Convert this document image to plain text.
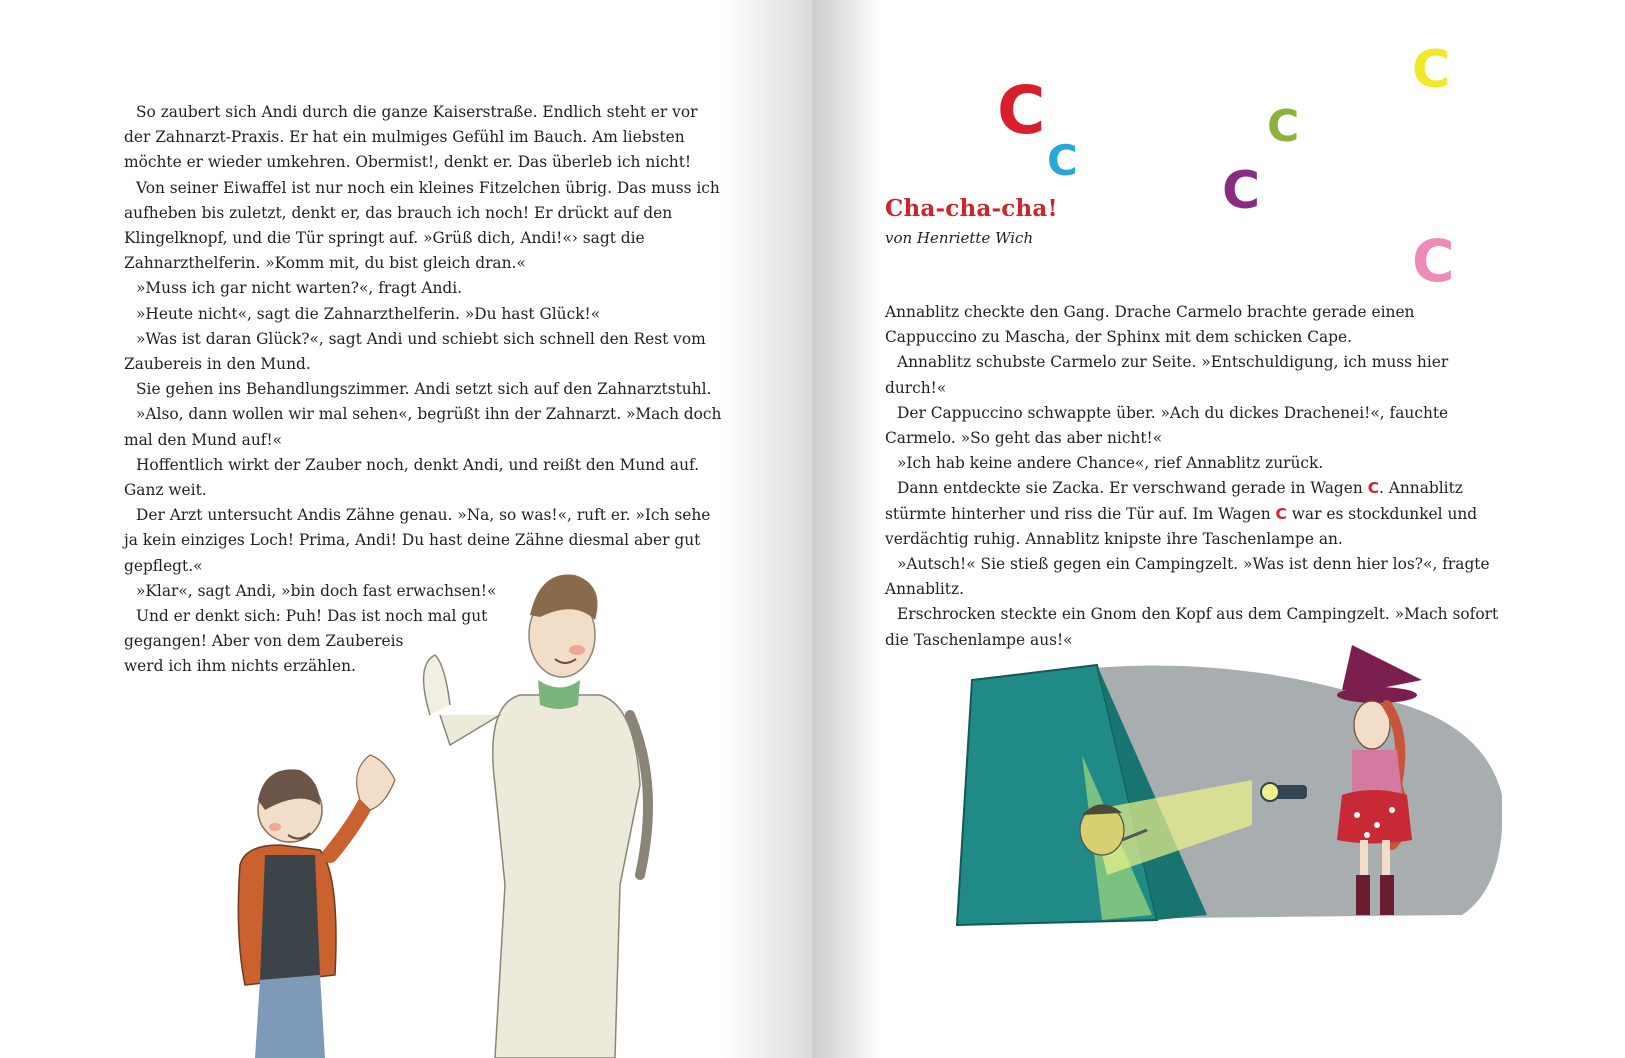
So zaubert sich Andi durch die ganze Kaiserstraße. Endlich steht er vor der Zahnarzt-Praxis. Er hat ein mulmiges Gefühl im Bauch. Am liebsten möchte er wieder umkehren. Obermist!, denkt er. Das überleb ich nicht!

Von seiner Eiwaffel ist nur noch ein kleines Fitzelchen übrig. Das muss ich aufheben bis zuletzt, denkt er, das brauch ich noch! Er drückt auf den Klingelknopf, und die Tür springt auf. »Grüß dich, Andi!«› sagt die Zahnarzthelferin. »Komm mit, du bist gleich dran.«

»Muss ich gar nicht warten?«, fragt Andi.

»Heute nicht«, sagt die Zahnarzthelferin. »Du hast Glück!«

»Was ist daran Glück?«, sagt Andi und schiebt sich schnell den Rest vom Zaubereis in den Mund.

Sie gehen ins Behandlungszimmer. Andi setzt sich auf den Zahnarztstuhl.

»Also, dann wollen wir mal sehen«, begrüßt ihn der Zahnarzt. »Mach doch mal den Mund auf!«

Hoffentlich wirkt der Zauber noch, denkt Andi, und reißt den Mund auf. Ganz weit.

Der Arzt untersucht Andis Zähne genau. »Na, so was!«, ruft er. »Ich sehe ja kein einziges Loch! Prima, Andi! Du hast deine Zähne diesmal aber gut gepflegt.«

»Klar«, sagt Andi, »bin doch fast erwachsen!«

Und er denkt sich: Puh! Das ist noch mal gut

gegangen! Aber von dem Zaubereis

werd ich ihm nichts erzählen.

C
C
C
C
C
C
Cha-cha-cha!
von Henriette Wich

Annablitz checkte den Gang. Drache Carmelo brachte gerade einen Cappuccino zu Mascha, der Sphinx mit dem schicken Cape.

Annablitz schubste Carmelo zur Seite. »Entschuldigung, ich muss hier durch!«

Der Cappuccino schwappte über. »Ach du dickes Drachenei!«, fauchte Carmelo. »So geht das aber nicht!«

»Ich hab keine andere Chance«, rief Annablitz zurück.

Dann entdeckte sie Zacka. Er verschwand gerade in Wagen C. Annablitz stürmte hinterher und riss die Tür auf. Im Wagen C war es stockdunkel und verdächtig ruhig. Annablitz knipste ihre Taschenlampe an.

»Autsch!« Sie stieß gegen ein Campingzelt. »Was ist denn hier los?«, fragte Annablitz.

Erschrocken steckte ein Gnom den Kopf aus dem Campingzelt. »Mach sofort die Taschenlampe aus!«
